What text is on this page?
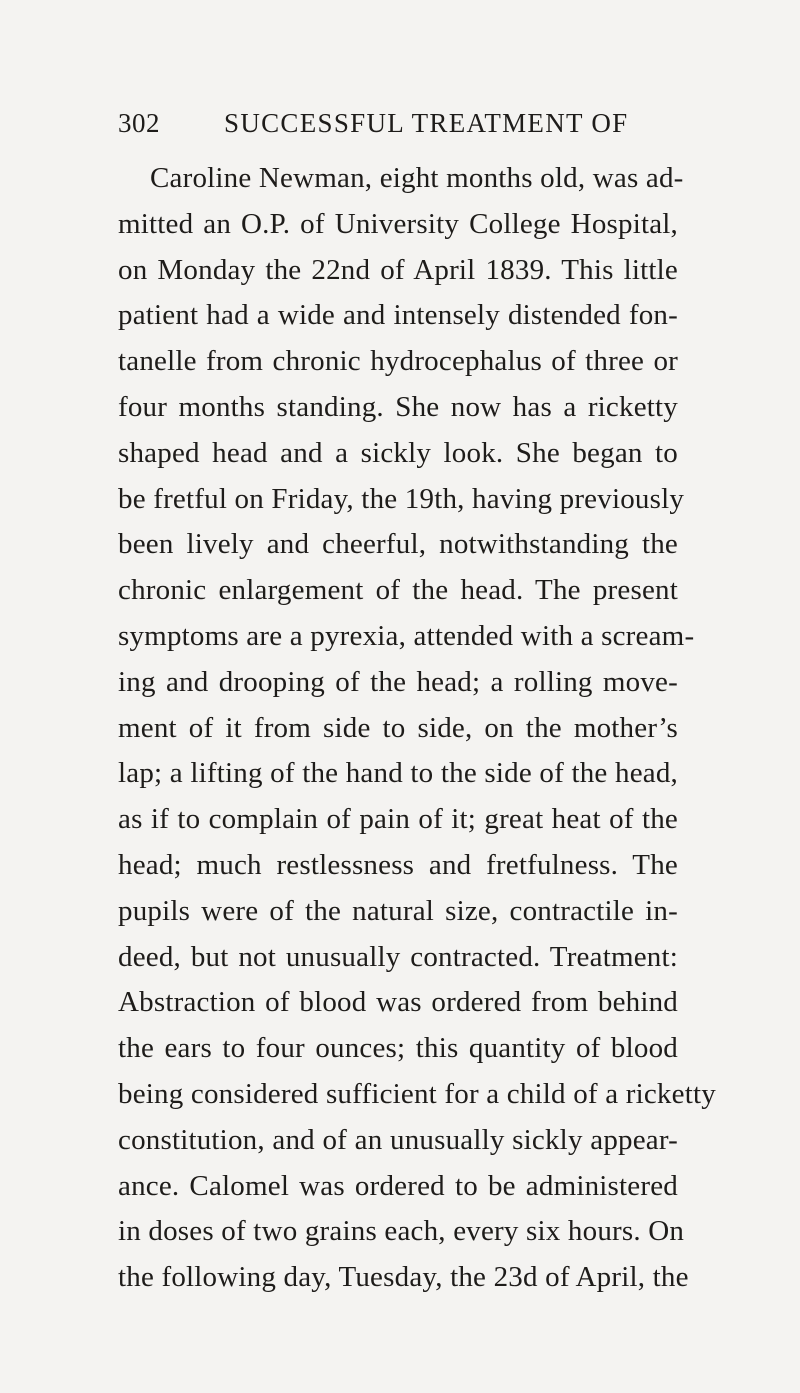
302 SUCCESSFUL TREATMENT OF
Caroline Newman, eight months old, was ad-
mitted an O.P. of University College Hospital,
on Monday the 22nd of April 1839. This little
patient had a wide and intensely distended fon-
tanelle from chronic hydrocephalus of three or
four months standing. She now has a ricketty
shaped head and a sickly look. She began to
be fretful on Friday, the 19th, having previously
been lively and cheerful, notwithstanding the
chronic enlargement of the head. The present
symptoms are a pyrexia, attended with a scream-
ing and drooping of the head; a rolling move-
ment of it from side to side, on the mother’s
lap; a lifting of the hand to the side of the head,
as if to complain of pain of it; great heat of the
head; much restlessness and fretfulness. The
pupils were of the natural size, contractile in-
deed, but not unusually contracted. Treatment:
Abstraction of blood was ordered from behind
the ears to four ounces; this quantity of blood
being considered sufficient for a child of a ricketty
constitution, and of an unusually sickly appear-
ance. Calomel was ordered to be administered
in doses of two grains each, every six hours. On
the following day, Tuesday, the 23d of April, the
